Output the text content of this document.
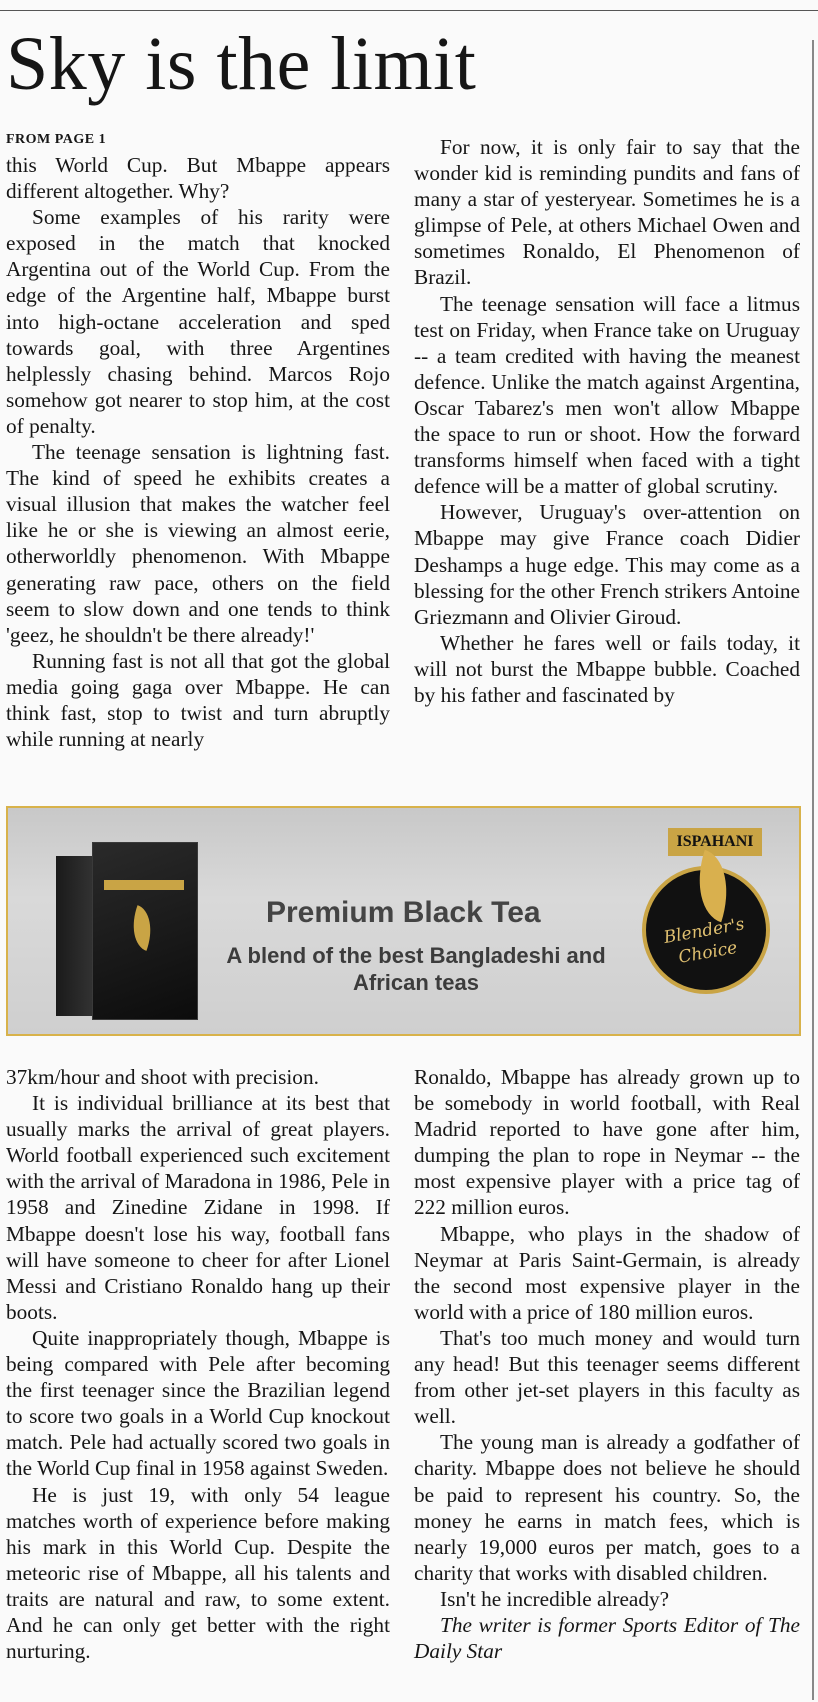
Sky is the limit
FROM PAGE 1

this World Cup. But Mbappe appears different altogether. Why?

Some examples of his rarity were exposed in the match that knocked Argentina out of the World Cup. From the edge of the Argentine half, Mbappe burst into high-octane acceleration and sped towards goal, with three Argentines helplessly chasing behind. Marcos Rojo somehow got nearer to stop him, at the cost of penalty.

The teenage sensation is lightning fast. The kind of speed he exhibits creates a visual illusion that makes the watcher feel like he or she is viewing an almost eerie, otherworldly phenomenon. With Mbappe generating raw pace, others on the field seem to slow down and one tends to think 'geez, he shouldn't be there already!'

Running fast is not all that got the global media going gaga over Mbappe. He can think fast, stop to twist and turn abruptly while running at nearly

For now, it is only fair to say that the wonder kid is reminding pundits and fans of many a star of yesteryear. Sometimes he is a glimpse of Pele, at others Michael Owen and sometimes Ronaldo, El Phenomenon of Brazil.

The teenage sensation will face a litmus test on Friday, when France take on Uruguay -- a team credited with having the meanest defence. Unlike the match against Argentina, Oscar Tabarez's men won't allow Mbappe the space to run or shoot. How the forward transforms himself when faced with a tight defence will be a matter of global scrutiny.

However, Uruguay's over-attention on Mbappe may give France coach Didier Deshamps a huge edge. This may come as a blessing for the other French strikers Antoine Griezmann and Olivier Giroud.

Whether he fares well or fails today, it will not burst the Mbappe bubble. Coached by his father and fascinated by

Premium Black Tea
A blend of the best Bangladeshi and African teas
ISPAHANI
Blender's Choice

37km/hour and shoot with precision.

It is individual brilliance at its best that usually marks the arrival of great players. World football experienced such excitement with the arrival of Maradona in 1986, Pele in 1958 and Zinedine Zidane in 1998. If Mbappe doesn't lose his way, football fans will have someone to cheer for after Lionel Messi and Cristiano Ronaldo hang up their boots.

Quite inappropriately though, Mbappe is being compared with Pele after becoming the first teenager since the Brazilian legend to score two goals in a World Cup knockout match. Pele had actually scored two goals in the World Cup final in 1958 against Sweden.

He is just 19, with only 54 league matches worth of experience before making his mark in this World Cup. Despite the meteoric rise of Mbappe, all his talents and traits are natural and raw, to some extent. And he can only get better with the right nurturing.

Ronaldo, Mbappe has already grown up to be somebody in world football, with Real Madrid reported to have gone after him, dumping the plan to rope in Neymar -- the most expensive player with a price tag of 222 million euros.

Mbappe, who plays in the shadow of Neymar at Paris Saint-Germain, is already the second most expensive player in the world with a price of 180 million euros.

That's too much money and would turn any head! But this teenager seems different from other jet-set players in this faculty as well.

The young man is already a godfather of charity. Mbappe does not believe he should be paid to represent his country. So, the money he earns in match fees, which is nearly 19,000 euros per match, goes to a charity that works with disabled children.

Isn't he incredible already?

The writer is former Sports Editor of The Daily Star
